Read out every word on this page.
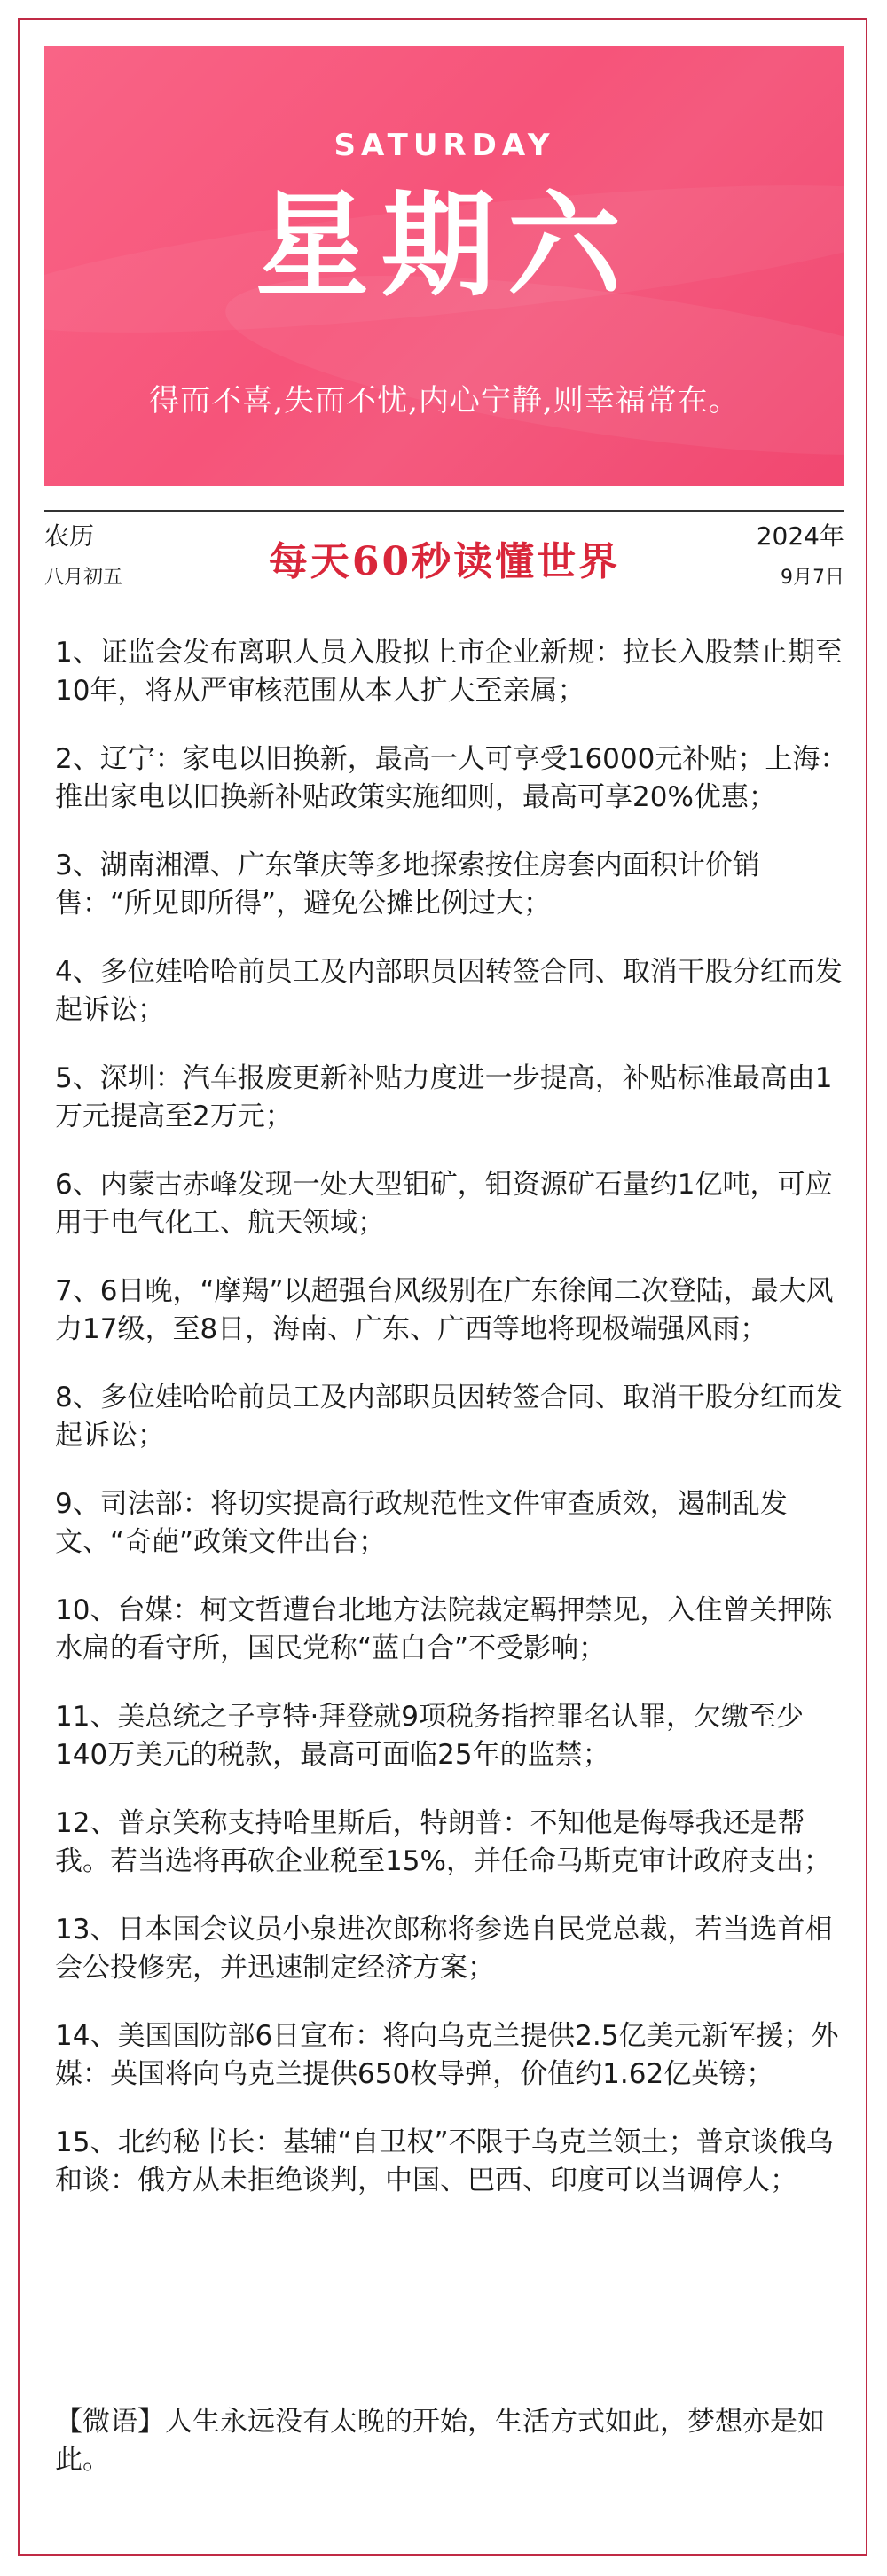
SATURDAY
星期六
得而不喜,失而不忧,内心宁静,则幸福常在。
农历
八月初五	每天60秒读懂世界
2024年
9月7日
1、证监会发布离职人员入股拟上市企业新规：拉长入股禁止期至10年，将从严审核范围从本人扩大至亲属；
2、辽宁：家电以旧换新，最高一人可享受16000元补贴；上海：推出家电以旧换新补贴政策实施细则，最高可享20%优惠；
3、湖南湘潭、广东肇庆等多地探索按住房套内面积计价销售：“所见即所得”，避免公摊比例过大；
4、多位娃哈哈前员工及内部职员因转签合同、取消干股分红而发起诉讼；
5、深圳：汽车报废更新补贴力度进一步提高，补贴标准最高由1万元提高至2万元；
6、内蒙古赤峰发现一处大型钼矿，钼资源矿石量约1亿吨，可应用于电气化工、航天领域；
7、6日晚，“摩羯”以超强台风级别在广东徐闻二次登陆，最大风力17级，至8日，海南、广东、广西等地将现极端强风雨；
8、多位娃哈哈前员工及内部职员因转签合同、取消干股分红而发起诉讼；
9、司法部：将切实提高行政规范性文件审查质效，遏制乱发文、“奇葩”政策文件出台；
10、台媒：柯文哲遭台北地方法院裁定羁押禁见，入住曾关押陈水扁的看守所，国民党称“蓝白合”不受影响；
11、美总统之子亨特·拜登就9项税务指控罪名认罪，欠缴至少140万美元的税款，最高可面临25年的监禁；
12、普京笑称支持哈里斯后，特朗普：不知他是侮辱我还是帮我。若当选将再砍企业税至15%，并任命马斯克审计政府支出；
13、日本国会议员小泉进次郎称将参选自民党总裁，若当选首相会公投修宪，并迅速制定经济方案；
14、美国国防部6日宣布：将向乌克兰提供2.5亿美元新军援；外媒：英国将向乌克兰提供650枚导弹，价值约1.62亿英镑；
15、北约秘书长：基辅“自卫权”不限于乌克兰领土；普京谈俄乌和谈：俄方从未拒绝谈判，中国、巴西、印度可以当调停人；
【微语】人生永远没有太晚的开始，生活方式如此，梦想亦是如此。
